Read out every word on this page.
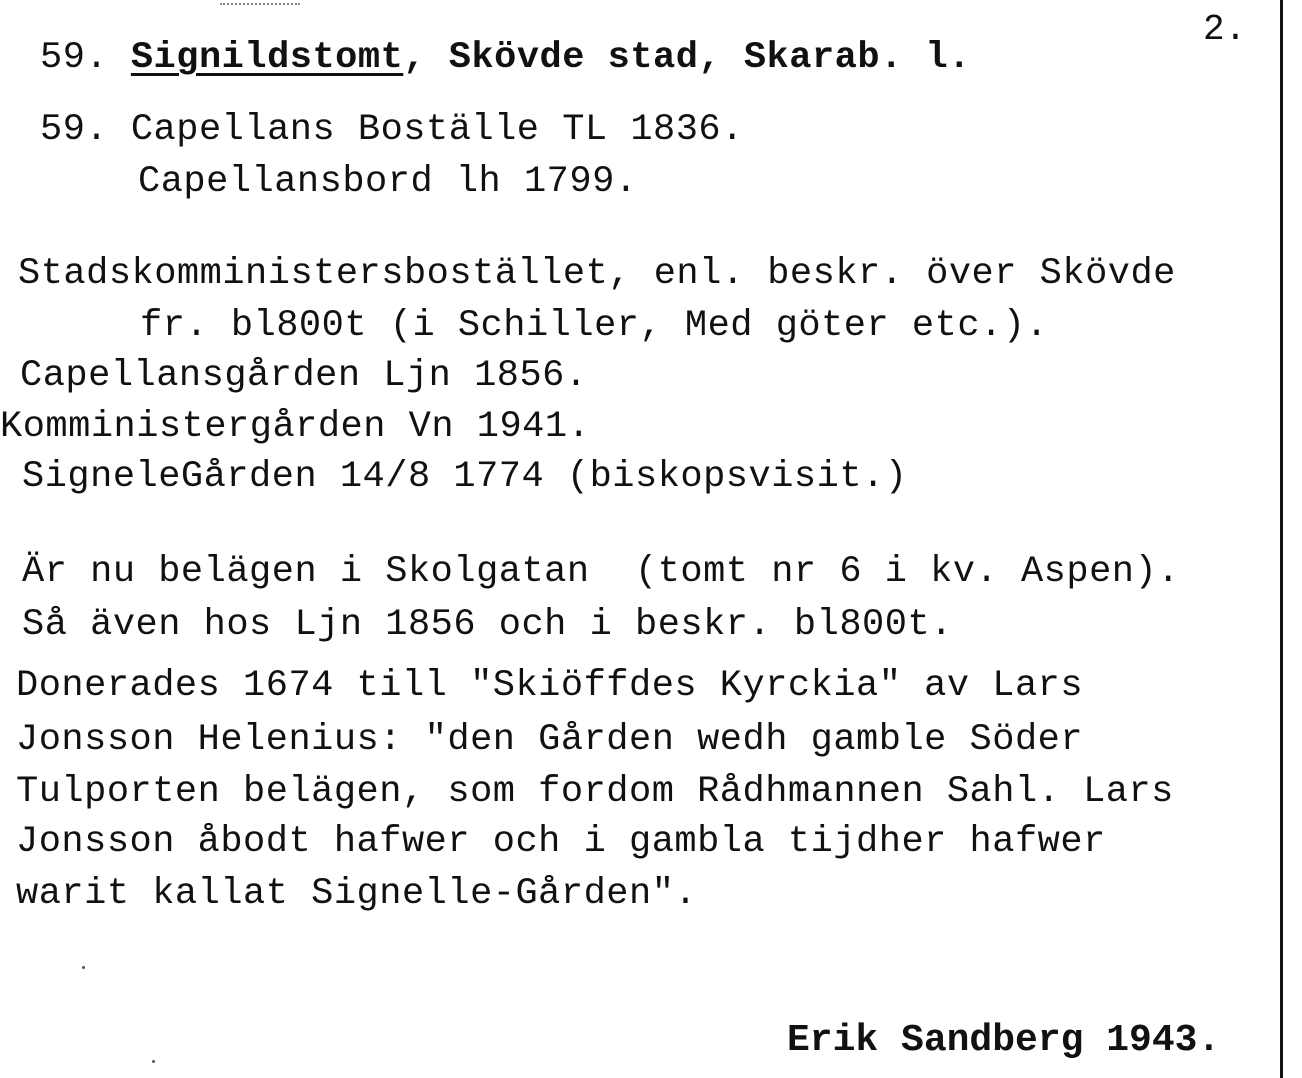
2.
59. Signildstomt, Skövde stad, Skarab. l.
59. Capellans Boställe TL 1836.
Capellansbord lh 1799.
Stadskomministersbostället, enl. beskr. över Skövde
fr. bl800t (i Schiller, Med göter etc.).
Capellansgården Ljn 1856.
Komministergården Vn 1941.
SigneleGården 14/8 1774 (biskopsvisit.)
Är nu belägen i Skolgatan  (tomt nr 6 i kv. Aspen).
Så även hos Ljn 1856 och i beskr. bl800t.
Donerades 1674 till "Skiöffdes Kyrckia" av Lars
Jonsson Helenius: "den Gården wedh gamble Söder
Tulporten belägen, som fordom Rådhmannen Sahl. Lars
Jonsson åbodt hafwer och i gambla tijdher hafwer
warit kallat Signelle-Gården".
Erik Sandberg 1943.
